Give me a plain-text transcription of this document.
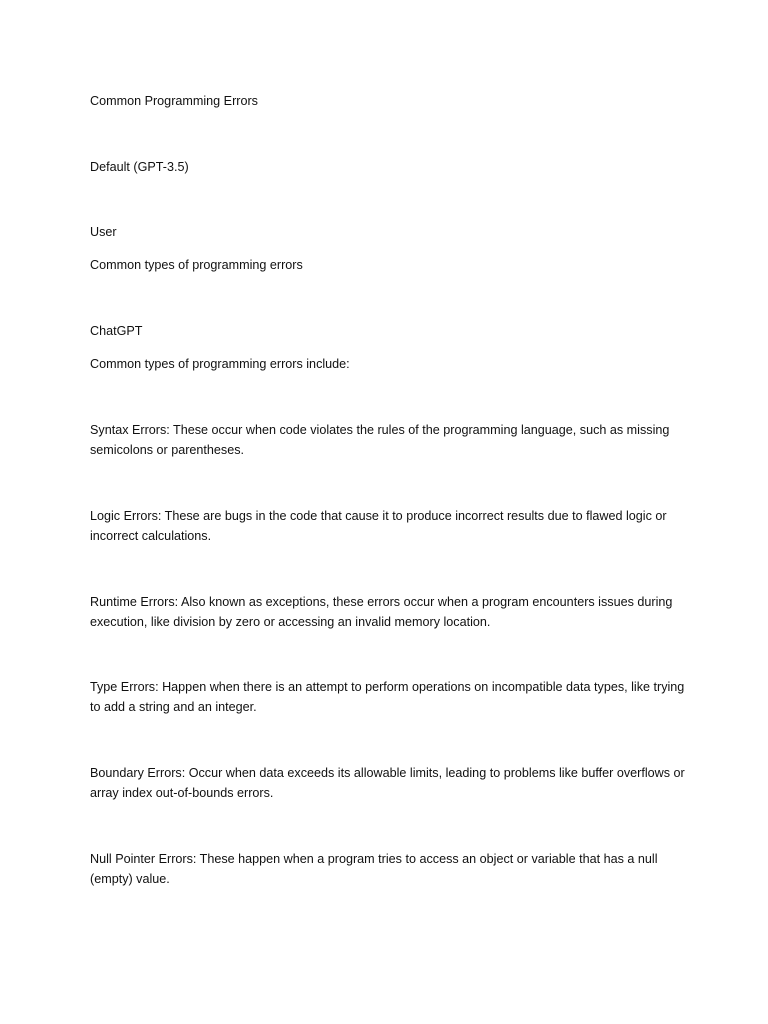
Common Programming Errors

Default (GPT-3.5)

User

Common types of programming errors

ChatGPT

Common types of programming errors include:

Syntax Errors: These occur when code violates the rules of the programming language, such as missing semicolons or parentheses.

Logic Errors: These are bugs in the code that cause it to produce incorrect results due to flawed logic or incorrect calculations.

Runtime Errors: Also known as exceptions, these errors occur when a program encounters issues during execution, like division by zero or accessing an invalid memory location.

Type Errors: Happen when there is an attempt to perform operations on incompatible data types, like trying to add a string and an integer.

Boundary Errors: Occur when data exceeds its allowable limits, leading to problems like buffer overflows or array index out-of-bounds errors.

Null Pointer Errors: These happen when a program tries to access an object or variable that has a null (empty) value.
